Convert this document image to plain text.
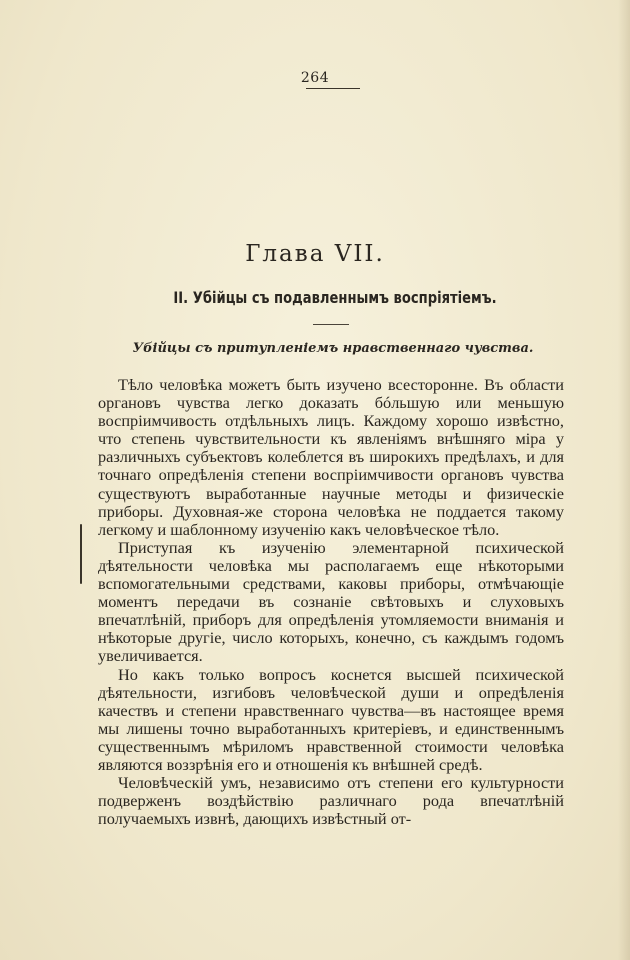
264
Глава VII.
II. Убійцы съ подавленнымъ воспріятіемъ.
Убійцы съ притупленіемъ нравственнаго чувства.

Тѣло человѣка можетъ быть изучено всесторонне. Въ области органовъ чувства легко доказать бóльшую или меньшую воспріимчивость отдѣльныхъ лицъ. Каждому хорошо извѣстно, что степень чувствительности къ явленіямъ внѣшняго міра у различныхъ субъектовъ колеблется въ широкихъ предѣлахъ, и для точнаго опредѣленія степени воспріимчивости органовъ чувства существуютъ выработанные научные методы и физическіе приборы. Духовная-же сторона человѣка не поддается такому легкому и шаблонному изученію какъ человѣческое тѣло.

Приступая къ изученію элементарной психической дѣятельности человѣка мы располагаемъ еще нѣкоторыми вспомогательными средствами, каковы приборы, отмѣчающіе моментъ передачи въ сознаніе свѣтовыхъ и слуховыхъ впечатлѣній, приборъ для опредѣленія утомляемости вниманія и нѣкоторые другіе, число которыхъ, конечно, съ каждымъ годомъ увеличивается.

Но какъ только вопросъ коснется высшей психической дѣятельности, изгибовъ человѣческой души и опредѣленія качествъ и степени нравственнаго чувства—въ настоящее время мы лишены точно выработанныхъ критеріевъ, и единственнымъ существеннымъ мѣриломъ нравственной стоимости человѣка являются воззрѣнія его и отношенія къ внѣшней средѣ.

Человѣческій умъ, независимо отъ степени его культурности подверженъ воздѣйствію различнаго рода впечатлѣній получаемыхъ извнѣ, дающихъ извѣстный от-
